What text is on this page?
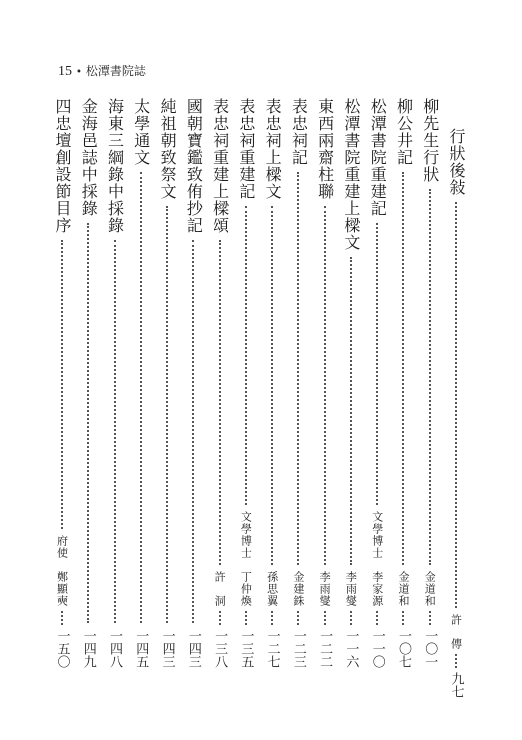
15 • 松潭書院誌
行狀後敍
許　傳
九七
柳先生行狀
金道和
一〇一
柳公井記
金道和
一〇七
松潭書院重建記
文學博士　李家源
一一〇
松潭書院重建上樑文
李雨燮
一一六
東西兩齋柱聯
李雨燮
一二二
表忠祠記
金建銖
一二三
表忠祠上樑文
孫思翼
一二七
表忠祠重建記
文學博士　丁仲煥
一三五
表忠祠重建上樑頌
許　洞
一三八
國朝寶鑑致侑抄記
一四三
純祖朝致祭文
一四三
太學通文
一四五
海東三綱錄中採錄
一四八
金海邑誌中採錄
一四九
四忠壇創設節目序
府使　鄭顯奭
一五〇
